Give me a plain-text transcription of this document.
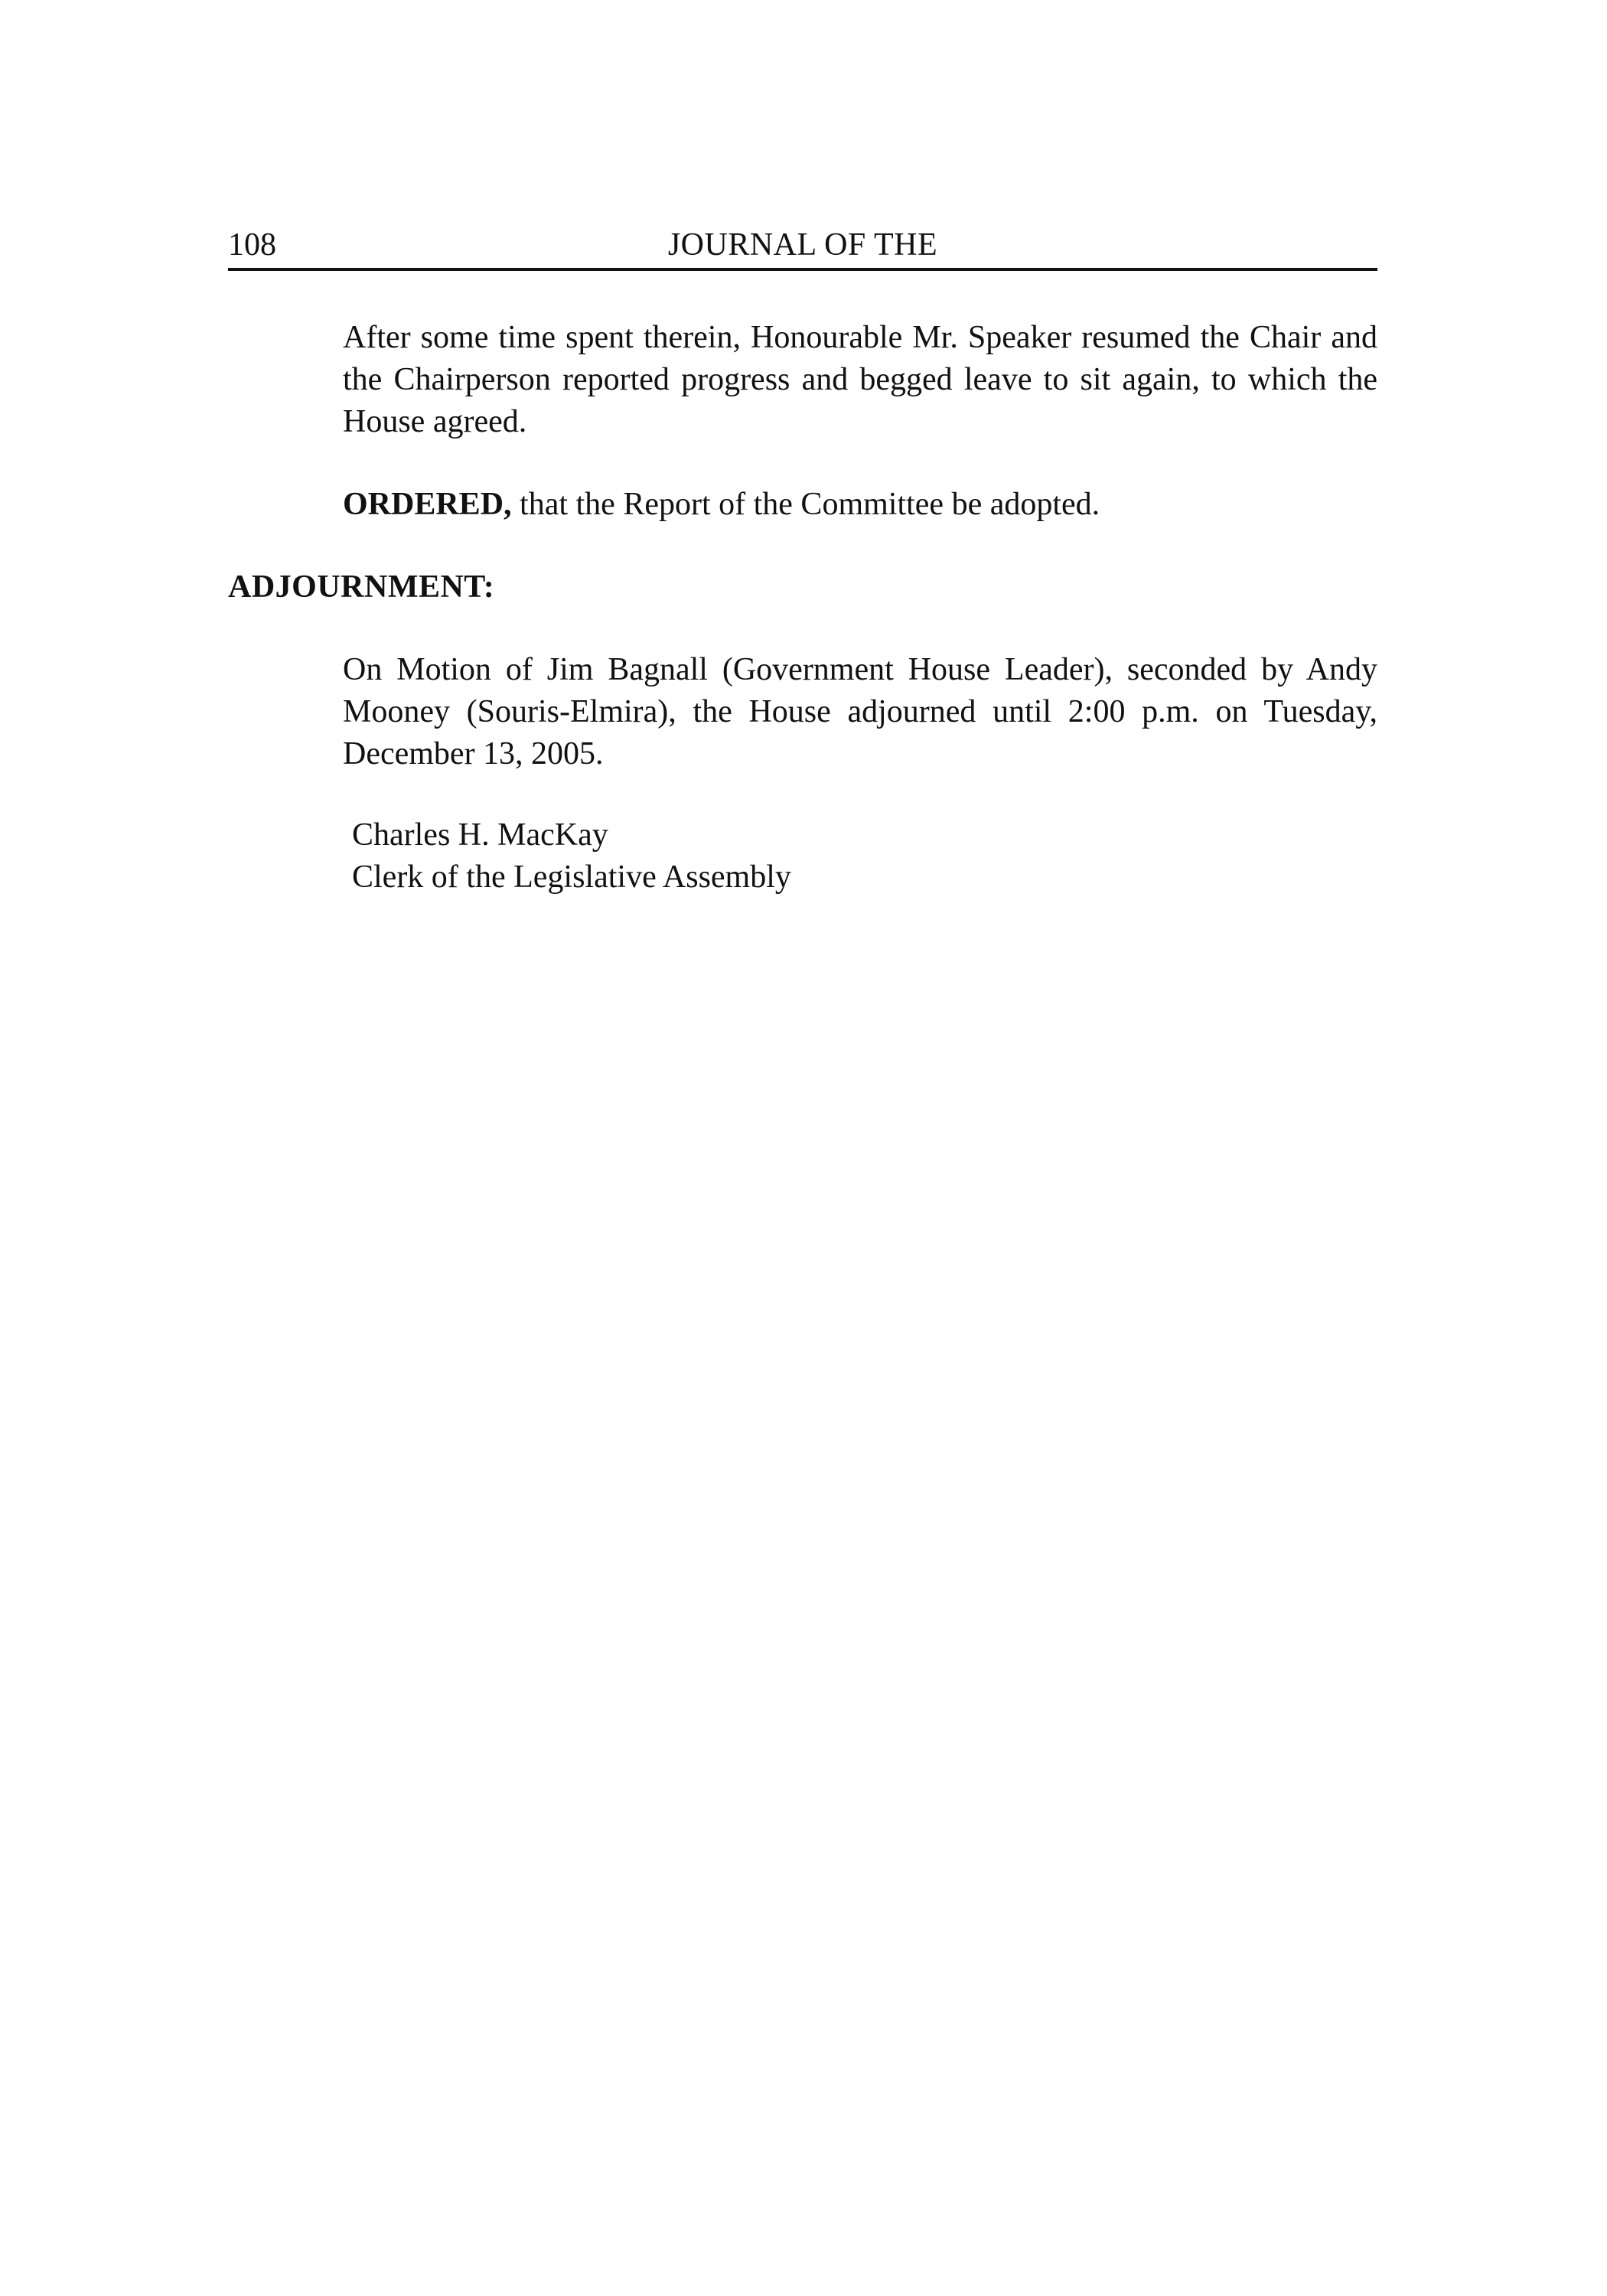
108	JOURNAL OF THE

After some time spent therein, Honourable Mr. Speaker resumed the Chair and the Chairperson reported progress and begged leave to sit again, to which the House agreed.

ORDERED, that the Report of the Committee be adopted.

ADJOURNMENT:

On Motion of Jim Bagnall (Government House Leader), seconded by Andy Mooney (Souris-Elmira), the House adjourned until 2:00 p.m. on Tuesday, December 13, 2005.

Charles H. MacKay
Clerk of the Legislative Assembly
